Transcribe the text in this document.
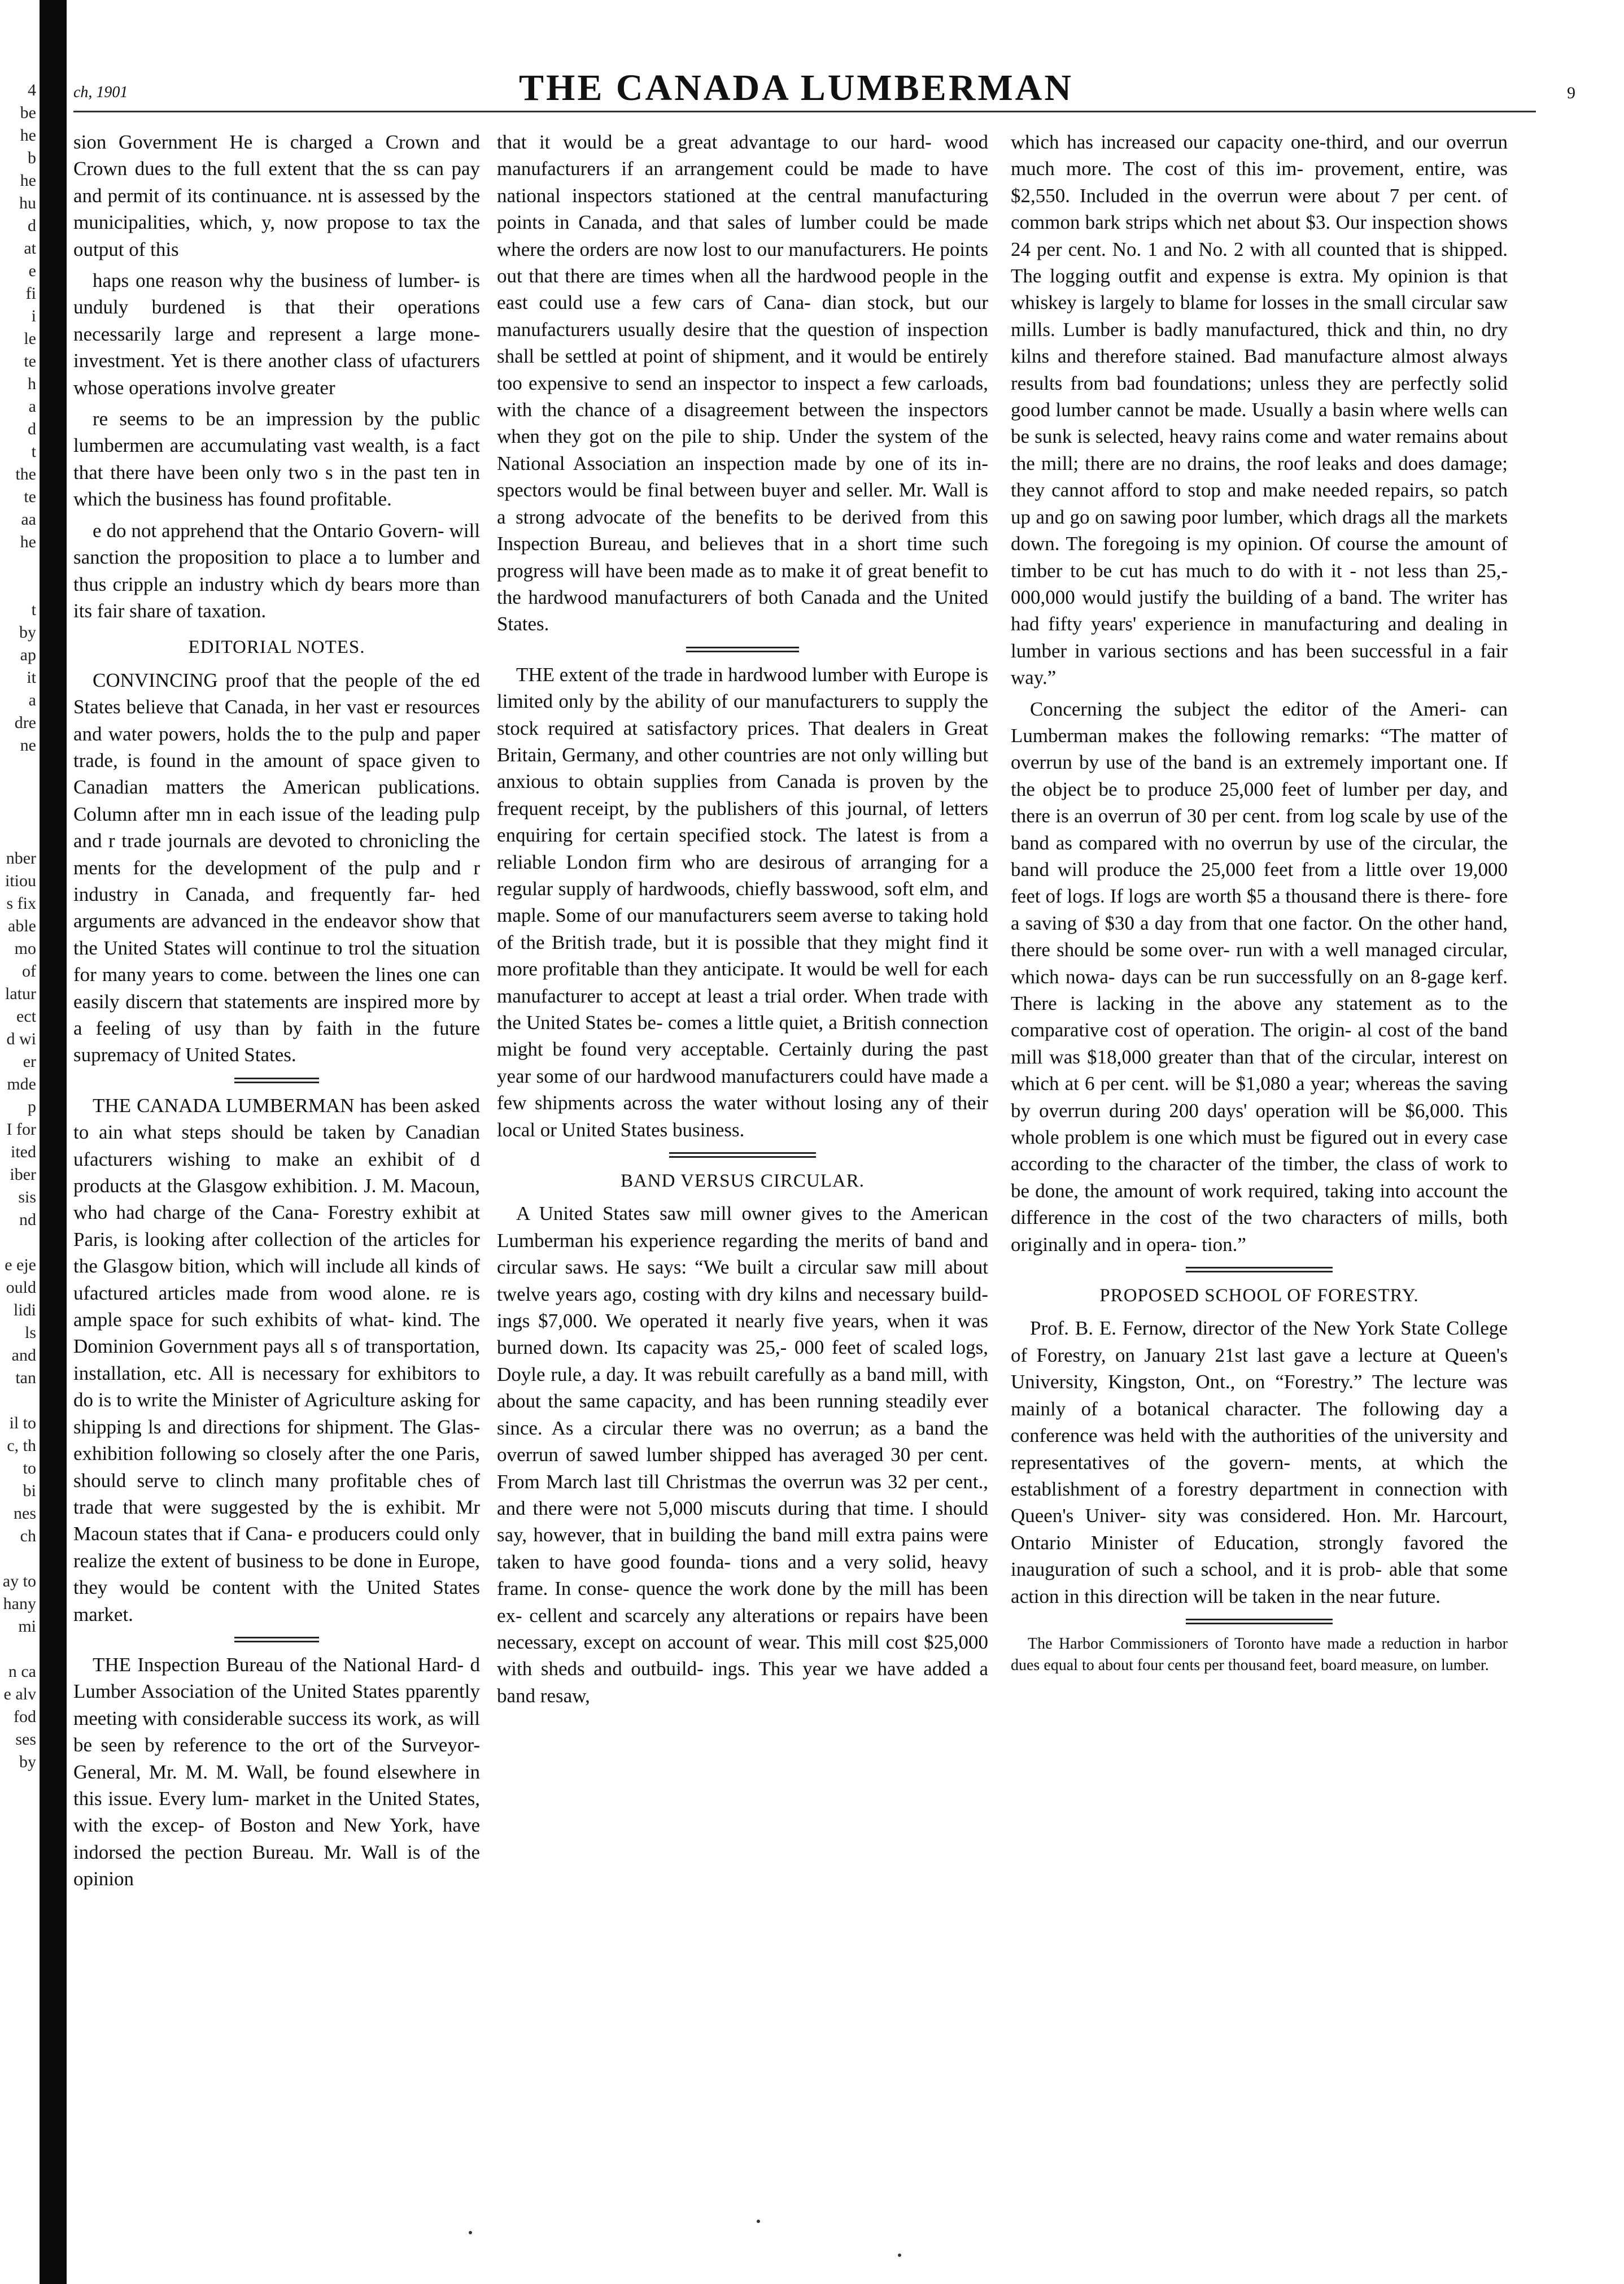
4
be
he
b
he
hu
d
at
e
fi
i
le
te
h
a
d
t
the
te
aa
he

t
by
ap
it
a
dre
ne

nber
itiou
s fix
able
mo
of
latur
ect
d wi
er
mde
p
I for
ited
iber
sis
nd

e eje
ould
lidi
ls
and
tan

il to
c, th
to
bi
nes
ch

ay to
hany
mi

n ca
e alv
fod
ses
by
ch, 1901	THE CANADA LUMBERMAN	9

sion Government He is charged a Crown and Crown dues to the full extent that the ss can pay and permit of its continuance. nt is assessed by the municipalities, which, y, now propose to tax the output of this

haps one reason why the business of lumber- is unduly burdened is that their operations necessarily large and represent a large mone- investment. Yet is there another class of ufacturers whose operations involve greater

re seems to be an impression by the public lumbermen are accumulating vast wealth, is a fact that there have been only two s in the past ten in which the business has found profitable.

e do not apprehend that the Ontario Govern- will sanction the proposition to place a to lumber and thus cripple an industry which dy bears more than its fair share of taxation.

EDITORIAL NOTES.

CONVINCING proof that the people of the ed States believe that Canada, in her vast er resources and water powers, holds the to the pulp and paper trade, is found in the amount of space given to Canadian matters the American publications. Column after mn in each issue of the leading pulp and r trade journals are devoted to chronicling the ments for the development of the pulp and r industry in Canada, and frequently far- hed arguments are advanced in the endeavor show that the United States will continue to trol the situation for many years to come. between the lines one can easily discern that statements are inspired more by a feeling of usy than by faith in the future supremacy of United States.

THE CANADA LUMBERMAN has been asked to ain what steps should be taken by Canadian ufacturers wishing to make an exhibit of d products at the Glasgow exhibition. J. M. Macoun, who had charge of the Cana- Forestry exhibit at Paris, is looking after collection of the articles for the Glasgow bition, which will include all kinds of ufactured articles made from wood alone. re is ample space for such exhibits of what- kind. The Dominion Government pays all s of transportation, installation, etc. All is necessary for exhibitors to do is to write the Minister of Agriculture asking for shipping ls and directions for shipment. The Glas- exhibition following so closely after the one Paris, should serve to clinch many profitable ches of trade that were suggested by the is exhibit. Mr Macoun states that if Cana- e producers could only realize the extent of business to be done in Europe, they would be content with the United States market.

THE Inspection Bureau of the National Hard- d Lumber Association of the United States pparently meeting with considerable success its work, as will be seen by reference to the ort of the Surveyor-General, Mr. M. M. Wall, be found elsewhere in this issue. Every lum- market in the United States, with the excep- of Boston and New York, have indorsed the pection Bureau. Mr. Wall is of the opinion

that it would be a great advantage to our hard- wood manufacturers if an arrangement could be made to have national inspectors stationed at the central manufacturing points in Canada, and that sales of lumber could be made where the orders are now lost to our manufacturers. He points out that there are times when all the hardwood people in the east could use a few cars of Cana- dian stock, but our manufacturers usually desire that the question of inspection shall be settled at point of shipment, and it would be entirely too expensive to send an inspector to inspect a few carloads, with the chance of a disagreement between the inspectors when they got on the pile to ship. Under the system of the National Association an inspection made by one of its in- spectors would be final between buyer and seller. Mr. Wall is a strong advocate of the benefits to be derived from this Inspection Bureau, and believes that in a short time such progress will have been made as to make it of great benefit to the hardwood manufacturers of both Canada and the United States.

THE extent of the trade in hardwood lumber with Europe is limited only by the ability of our manufacturers to supply the stock required at satisfactory prices. That dealers in Great Britain, Germany, and other countries are not only willing but anxious to obtain supplies from Canada is proven by the frequent receipt, by the publishers of this journal, of letters enquiring for certain specified stock. The latest is from a reliable London firm who are desirous of arranging for a regular supply of hardwoods, chiefly basswood, soft elm, and maple. Some of our manufacturers seem averse to taking hold of the British trade, but it is possible that they might find it more profitable than they anticipate. It would be well for each manufacturer to accept at least a trial order. When trade with the United States be- comes a little quiet, a British connection might be found very acceptable. Certainly during the past year some of our hardwood manufacturers could have made a few shipments across the water without losing any of their local or United States business.

BAND VERSUS CIRCULAR.

A United States saw mill owner gives to the American Lumberman his experience regarding the merits of band and circular saws. He says: “We built a circular saw mill about twelve years ago, costing with dry kilns and necessary build- ings $7,000. We operated it nearly five years, when it was burned down. Its capacity was 25,- 000 feet of scaled logs, Doyle rule, a day. It was rebuilt carefully as a band mill, with about the same capacity, and has been running steadily ever since. As a circular there was no overrun; as a band the overrun of sawed lumber shipped has averaged 30 per cent. From March last till Christmas the overrun was 32 per cent., and there were not 5,000 miscuts during that time. I should say, however, that in building the band mill extra pains were taken to have good founda- tions and a very solid, heavy frame. In conse- quence the work done by the mill has been ex- cellent and scarcely any alterations or repairs have been necessary, except on account of wear. This mill cost $25,000 with sheds and outbuild- ings. This year we have added a band resaw,

which has increased our capacity one-third, and our overrun much more. The cost of this im- provement, entire, was $2,550. Included in the overrun were about 7 per cent. of common bark strips which net about $3. Our inspection shows 24 per cent. No. 1 and No. 2 with all counted that is shipped. The logging outfit and expense is extra. My opinion is that whiskey is largely to blame for losses in the small circular saw mills. Lumber is badly manufactured, thick and thin, no dry kilns and therefore stained. Bad manufacture almost always results from bad foundations; unless they are perfectly solid good lumber cannot be made. Usually a basin where wells can be sunk is selected, heavy rains come and water remains about the mill; there are no drains, the roof leaks and does damage; they cannot afford to stop and make needed repairs, so patch up and go on sawing poor lumber, which drags all the markets down. The foregoing is my opinion. Of course the amount of timber to be cut has much to do with it - not less than 25,- 000,000 would justify the building of a band. The writer has had fifty years' experience in manufacturing and dealing in lumber in various sections and has been successful in a fair way.”

Concerning the subject the editor of the Ameri- can Lumberman makes the following remarks: “The matter of overrun by use of the band is an extremely important one. If the object be to produce 25,000 feet of lumber per day, and there is an overrun of 30 per cent. from log scale by use of the band as compared with no overrun by use of the circular, the band will produce the 25,000 feet from a little over 19,000 feet of logs. If logs are worth $5 a thousand there is there- fore a saving of $30 a day from that one factor. On the other hand, there should be some over- run with a well managed circular, which nowa- days can be run successfully on an 8-gage kerf. There is lacking in the above any statement as to the comparative cost of operation. The origin- al cost of the band mill was $18,000 greater than that of the circular, interest on which at 6 per cent. will be $1,080 a year; whereas the saving by overrun during 200 days' operation will be $6,000. This whole problem is one which must be figured out in every case according to the character of the timber, the class of work to be done, the amount of work required, taking into account the difference in the cost of the two characters of mills, both originally and in opera- tion.”

PROPOSED SCHOOL OF FORESTRY.

Prof. B. E. Fernow, director of the New York State College of Forestry, on January 21st last gave a lecture at Queen's University, Kingston, Ont., on “Forestry.” The lecture was mainly of a botanical character. The following day a conference was held with the authorities of the university and representatives of the govern- ments, at which the establishment of a forestry department in connection with Queen's Univer- sity was considered. Hon. Mr. Harcourt, Ontario Minister of Education, strongly favored the inauguration of such a school, and it is prob- able that some action in this direction will be taken in the near future.

The Harbor Commissioners of Toronto have made a reduction in harbor dues equal to about four cents per thousand feet, board measure, on lumber.
